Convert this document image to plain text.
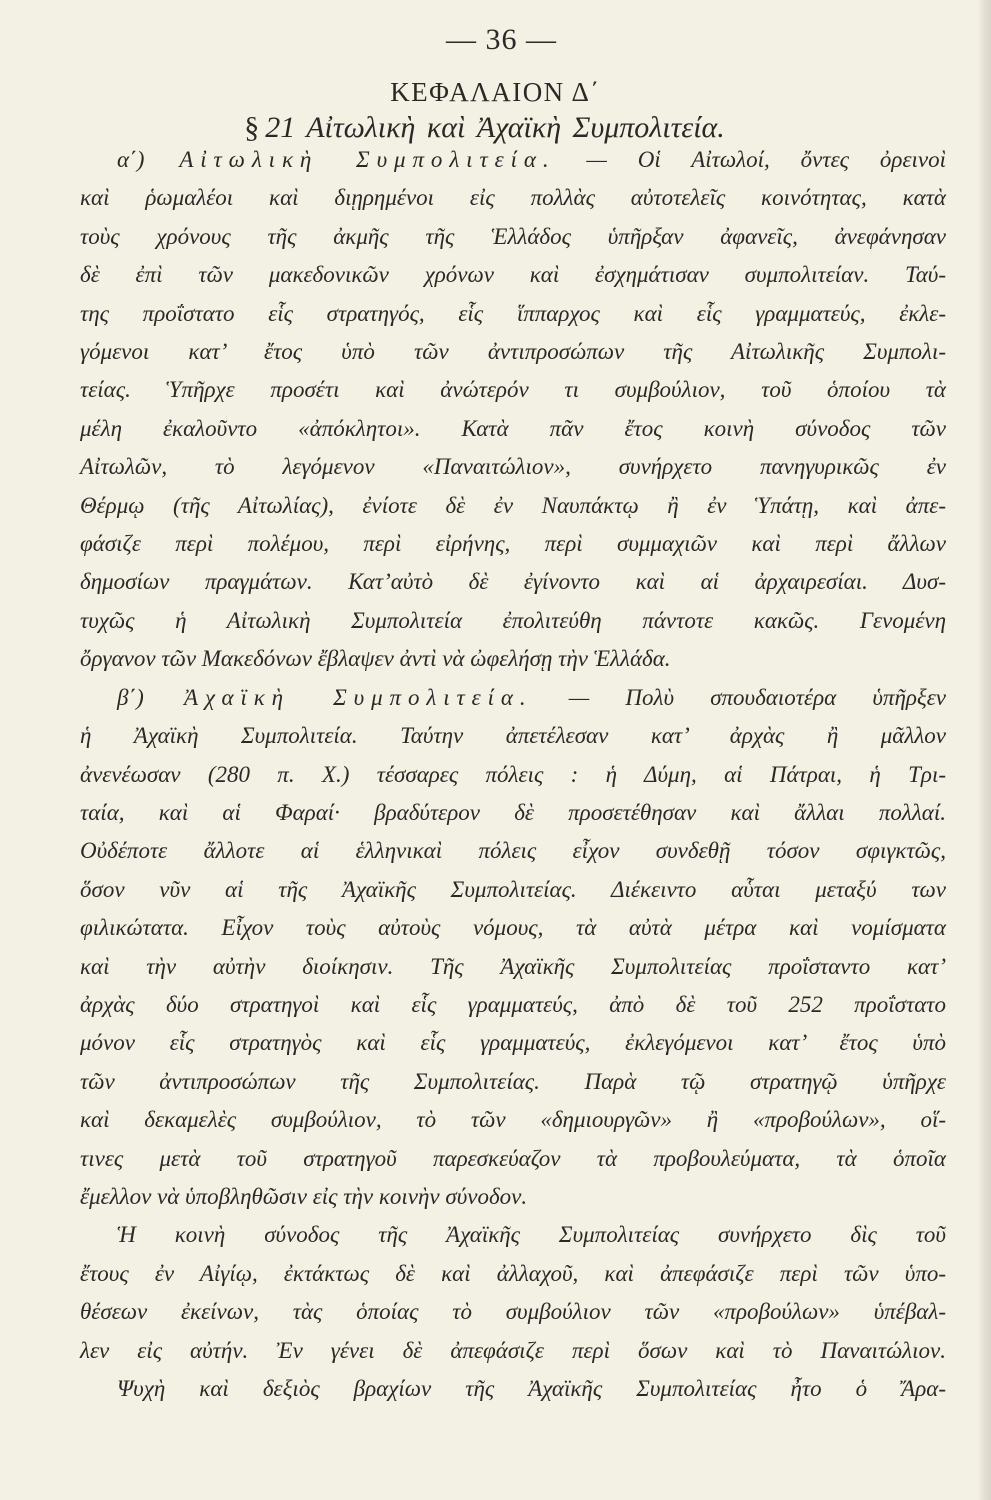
— 36 —
ΚΕΦΑΛΑΙΟΝ Δ΄
§ 21 Αἰτωλικὴ καὶ Ἀχαϊκὴ Συμπολιτεία.
α΄) Αἰτωλικὴ Συμπολιτεία. — Οἱ Αἰτωλοί, ὄντες ὀρεινοὶ
καὶ ῥωμαλέοι καὶ διῃρημένοι εἰς πολλὰς αὐτοτελεῖς κοινότητας, κατὰ
τοὺς χρόνους τῆς ἀκμῆς τῆς Ἑλλάδος ὑπῆρξαν ἀφανεῖς, ἀνεφάνησαν
δὲ ἐπὶ τῶν μακεδονικῶν χρόνων καὶ ἐσχημάτισαν συμπολιτείαν. Ταύ-
της προΐστατο εἷς στρατηγός, εἷς ἵππαρχος καὶ εἷς γραμματεύς, ἐκλε-
γόμενοι κατ’ ἔτος ὑπὸ τῶν ἀντιπροσώπων τῆς Αἰτωλικῆς Συμπολι-
τείας. Ὑπῆρχε προσέτι καὶ ἀνώτερόν τι συμβούλιον, τοῦ ὁποίου τὰ
μέλη ἐκαλοῦντο «ἀπόκλητοι». Κατὰ πᾶν ἔτος κοινὴ σύνοδος τῶν
Αἰτωλῶν, τὸ λεγόμενον «Παναιτώλιον», συνήρχετο πανηγυρικῶς ἐν
Θέρμῳ (τῆς Αἰτωλίας), ἐνίοτε δὲ ἐν Ναυπάκτῳ ἢ ἐν Ὑπάτῃ, καὶ ἀπε-
φάσιζε περὶ πολέμου, περὶ εἰρήνης, περὶ συμμαχιῶν καὶ περὶ ἄλλων
δημοσίων πραγμάτων. Κατ’αὐτὸ δὲ ἐγίνοντο καὶ αἱ ἀρχαιρεσίαι. Δυσ-
τυχῶς ἡ Αἰτωλικὴ Συμπολιτεία ἐπολιτεύθη πάντοτε κακῶς. Γενομένη
ὄργανον τῶν Μακεδόνων ἔβλαψεν ἀντὶ νὰ ὠφελήσῃ τὴν Ἑλλάδα.
β΄) Ἀχαϊκὴ Συμπολιτεία. — Πολὺ σπουδαιοτέρα ὑπῆρξεν
ἡ Ἀχαϊκὴ Συμπολιτεία. Ταύτην ἀπετέλεσαν κατ’ ἀρχὰς ἢ μᾶλλον
ἀνενέωσαν (280 π. Χ.) τέσσαρες πόλεις : ἡ Δύμη, αἱ Πάτραι, ἡ Τρι-
ταία, καὶ αἱ Φαραί· βραδύτερον δὲ προσετέθησαν καὶ ἄλλαι πολλαί.
Οὐδέποτε ἄλλοτε αἱ ἑλληνικαὶ πόλεις εἶχον συνδεθῇ τόσον σφιγκτῶς,
ὅσον νῦν αἱ τῆς Ἀχαϊκῆς Συμπολιτείας. Διέκειντο αὗται μεταξύ των
φιλικώτατα. Εἶχον τοὺς αὐτοὺς νόμους, τὰ αὐτὰ μέτρα καὶ νομίσματα
καὶ τὴν αὐτὴν διοίκησιν. Τῆς Ἀχαϊκῆς Συμπολιτείας προΐσταντο κατ’
ἀρχὰς δύο στρατηγοὶ καὶ εἷς γραμματεύς, ἀπὸ δὲ τοῦ 252 προΐστατο
μόνον εἷς στρατηγὸς καὶ εἷς γραμματεύς, ἐκλεγόμενοι κατ’ ἔτος ὑπὸ
τῶν ἀντιπροσώπων τῆς Συμπολιτείας. Παρὰ τῷ στρατηγῷ ὑπῆρχε
καὶ δεκαμελὲς συμβούλιον, τὸ τῶν «δημιουργῶν» ἢ «προβούλων», οἵ-
τινες μετὰ τοῦ στρατηγοῦ παρεσκεύαζον τὰ προβουλεύματα, τὰ ὁποῖα
ἔμελλον νὰ ὑποβληθῶσιν εἰς τὴν κοινὴν σύνοδον.
Ἡ κοινὴ σύνοδος τῆς Ἀχαϊκῆς Συμπολιτείας συνήρχετο δὶς τοῦ
ἔτους ἐν Αἰγίῳ, ἐκτάκτως δὲ καὶ ἀλλαχοῦ, καὶ ἀπεφάσιζε περὶ τῶν ὑπο-
θέσεων ἐκείνων, τὰς ὁποίας τὸ συμβούλιον τῶν «προβούλων» ὑπέβαλ-
λεν εἰς αὐτήν. Ἐν γένει δὲ ἀπεφάσιζε περὶ ὅσων καὶ τὸ Παναιτώλιον.
Ψυχὴ καὶ δεξιὸς βραχίων τῆς Ἀχαϊκῆς Συμπολιτείας ἦτο ὁ Ἄρα-
